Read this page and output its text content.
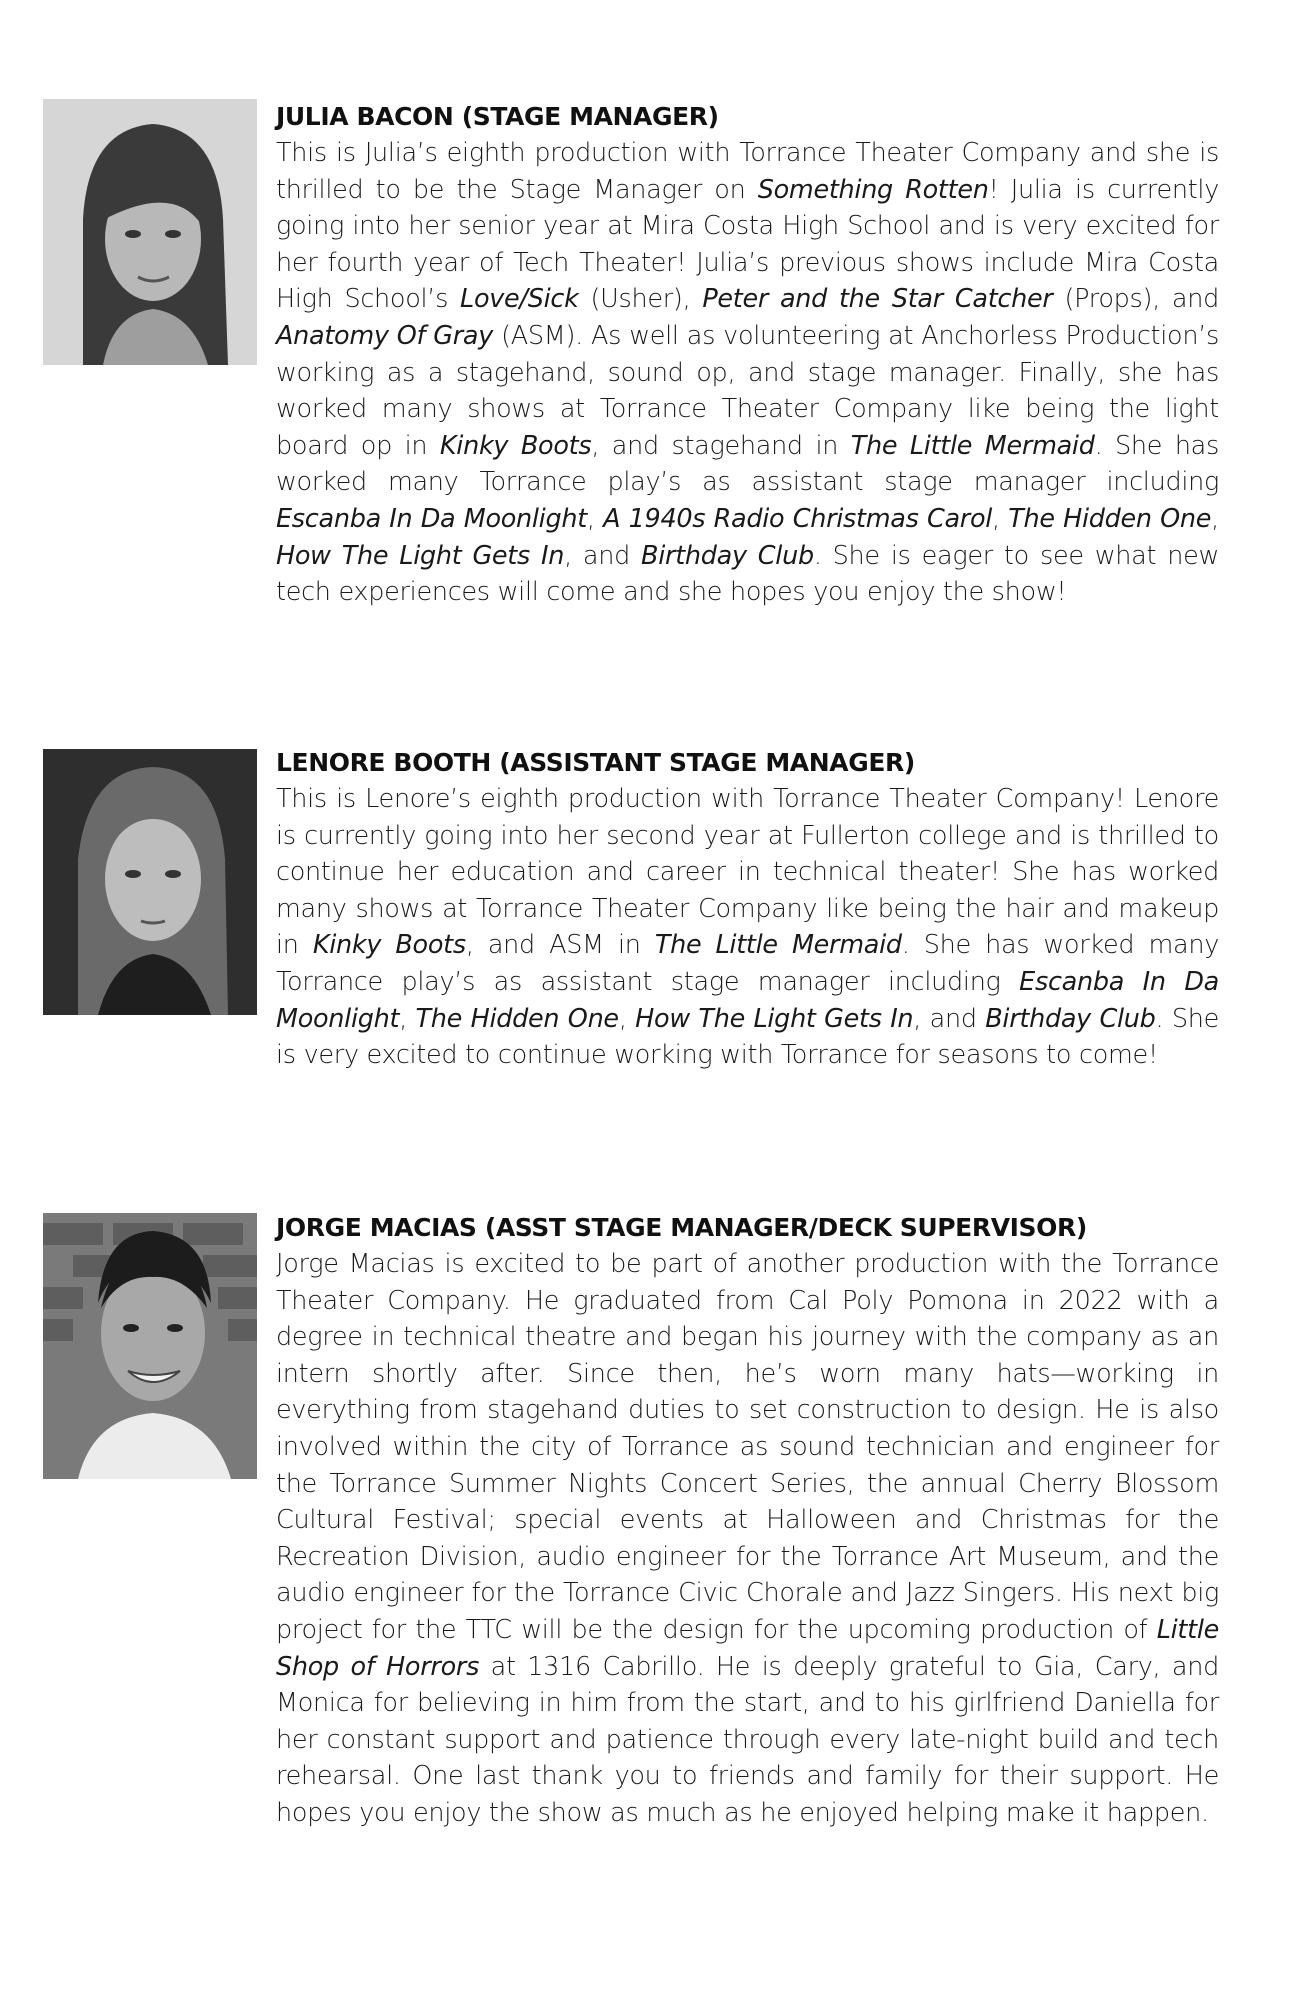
JULIA BACON (STAGE MANAGER)

This is Julia’s eighth production with Torrance Theater Company and she is thrilled to be the Stage Manager on Something Rotten! Julia is currently going into her senior year at Mira Costa High School and is very excited for her fourth year of Tech Theater! Julia’s previous shows include Mira Costa High School’s Love/Sick (Usher), Peter and the Star Catcher (Props), and Anatomy Of Gray (ASM). As well as volunteering at Anchorless Production’s working as a stagehand, sound op, and stage manager. Finally, she has worked many shows at Torrance Theater Company like being the light board op in Kinky Boots, and stagehand in The Little Mermaid. She has worked many Torrance play’s as assistant stage manager including Escanba In Da Moonlight, A 1940s Radio Christmas Carol, The Hidden One, How The Light Gets In, and Birthday Club. She is eager to see what new tech experiences will come and she hopes you enjoy the show!

LENORE BOOTH (ASSISTANT STAGE MANAGER)

This is Lenore’s eighth production with Torrance Theater Company! Lenore is currently going into her second year at Fullerton college and is thrilled to continue her education and career in technical theater! She has worked many shows at Torrance Theater Company like being the hair and makeup in Kinky Boots, and ASM in The Little Mermaid. She has worked many Torrance play’s as assistant stage manager including Escanba In Da Moonlight, The Hidden One, How The Light Gets In, and Birthday Club. She is very excited to continue working with Torrance for seasons to come!

JORGE MACIAS (ASST STAGE MANAGER/DECK SUPERVISOR)

Jorge Macias is excited to be part of another production with the Torrance Theater Company. He graduated from Cal Poly Pomona in 2022 with a degree in technical theatre and began his journey with the company as an intern shortly after. Since then, he’s worn many hats—working in everything from stagehand duties to set construction to design. He is also involved within the city of Torrance as sound technician and engineer for the Torrance Summer Nights Concert Series, the annual Cherry Blossom Cultural Festival; special events at Halloween and Christmas for the Recreation Division, audio engineer for the Torrance Art Museum, and the audio engineer for the Torrance Civic Chorale and Jazz Singers. His next big project for the TTC will be the design for the upcoming production of Little Shop of Horrors at 1316 Cabrillo. He is deeply grateful to Gia, Cary, and Monica for believing in him from the start, and to his girlfriend Daniella for her constant support and patience through every late-night build and tech rehearsal. One last thank you to friends and family for their support. He hopes you enjoy the show as much as he enjoyed helping make it happen.
